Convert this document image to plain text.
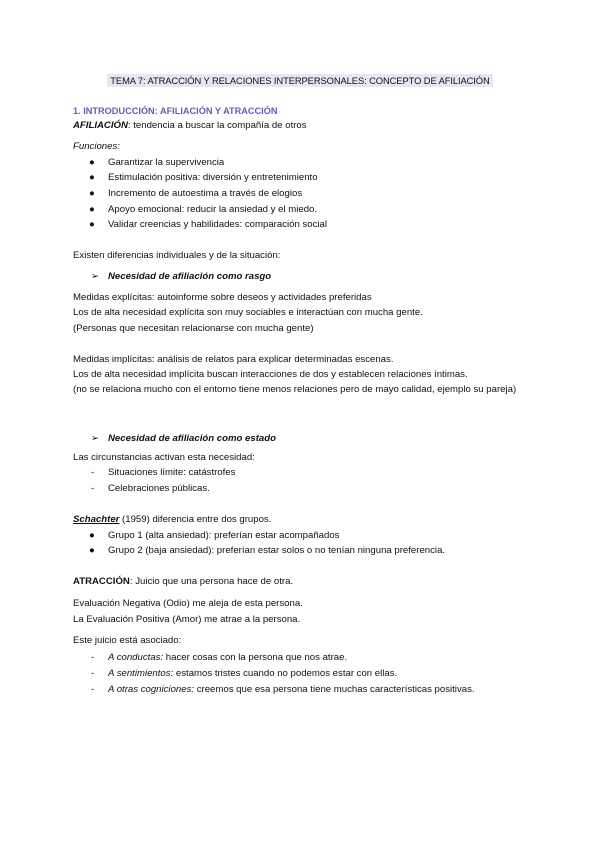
TEMA 7: ATRACCIÓN Y RELACIONES INTERPERSONALES: CONCEPTO DE AFILIACIÓN
1. INTRODUCCIÓN: AFILIACIÓN Y ATRACCIÓN
AFILIACIÓN: tendencia a buscar la compañía de otros
Funciones:
● Garantizar la supervivencia
● Estimulación positiva: diversión y entretenimiento
● Incremento de autoestima a través de elogios
● Apoyo emocional: reducir la ansiedad y el miedo.
● Validar creencias y habilidades: comparación social
Existen diferencias individuales y de la situación:
➢ Necesidad de afiliación como rasgo
Medidas explícitas: autoinforme sobre deseos y actividades preferidas
Los de alta necesidad explícita son muy sociables e interactúan con mucha gente.
(Personas que necesitan relacionarse con mucha gente)
Medidas implícitas: análisis de relatos para explicar determinadas escenas.
Los de alta necesidad implícita buscan interacciones de dos y establecen relaciones íntimas.
(no se relaciona mucho con el entorno tiene menos relaciones pero de mayo calidad, ejemplo su pareja)
➢ Necesidad de afiliación como estado
Las circunstancias activan esta necesidad:
- Situaciones límite: catástrofes
- Celebraciones públicas.
Schachter (1959) diferencia entre dos grupos.
● Grupo 1 (alta ansiedad): preferían estar acompañados
● Grupo 2 (baja ansiedad): preferían estar solos o no tenían ninguna preferencia.
ATRACCIÓN: Juicio que una persona hace de otra.
Evaluación Negativa (Odio) me aleja de esta persona.
La Evaluación Positiva (Amor) me atrae a la persona.
Este juicio está asociado:
- A conductas: hacer cosas con la persona que nos atrae.
- A sentimientos: estamos tristes cuando no podemos estar con ellas.
- A otras cogniciones: creemos que esa persona tiene muchas características positivas.
